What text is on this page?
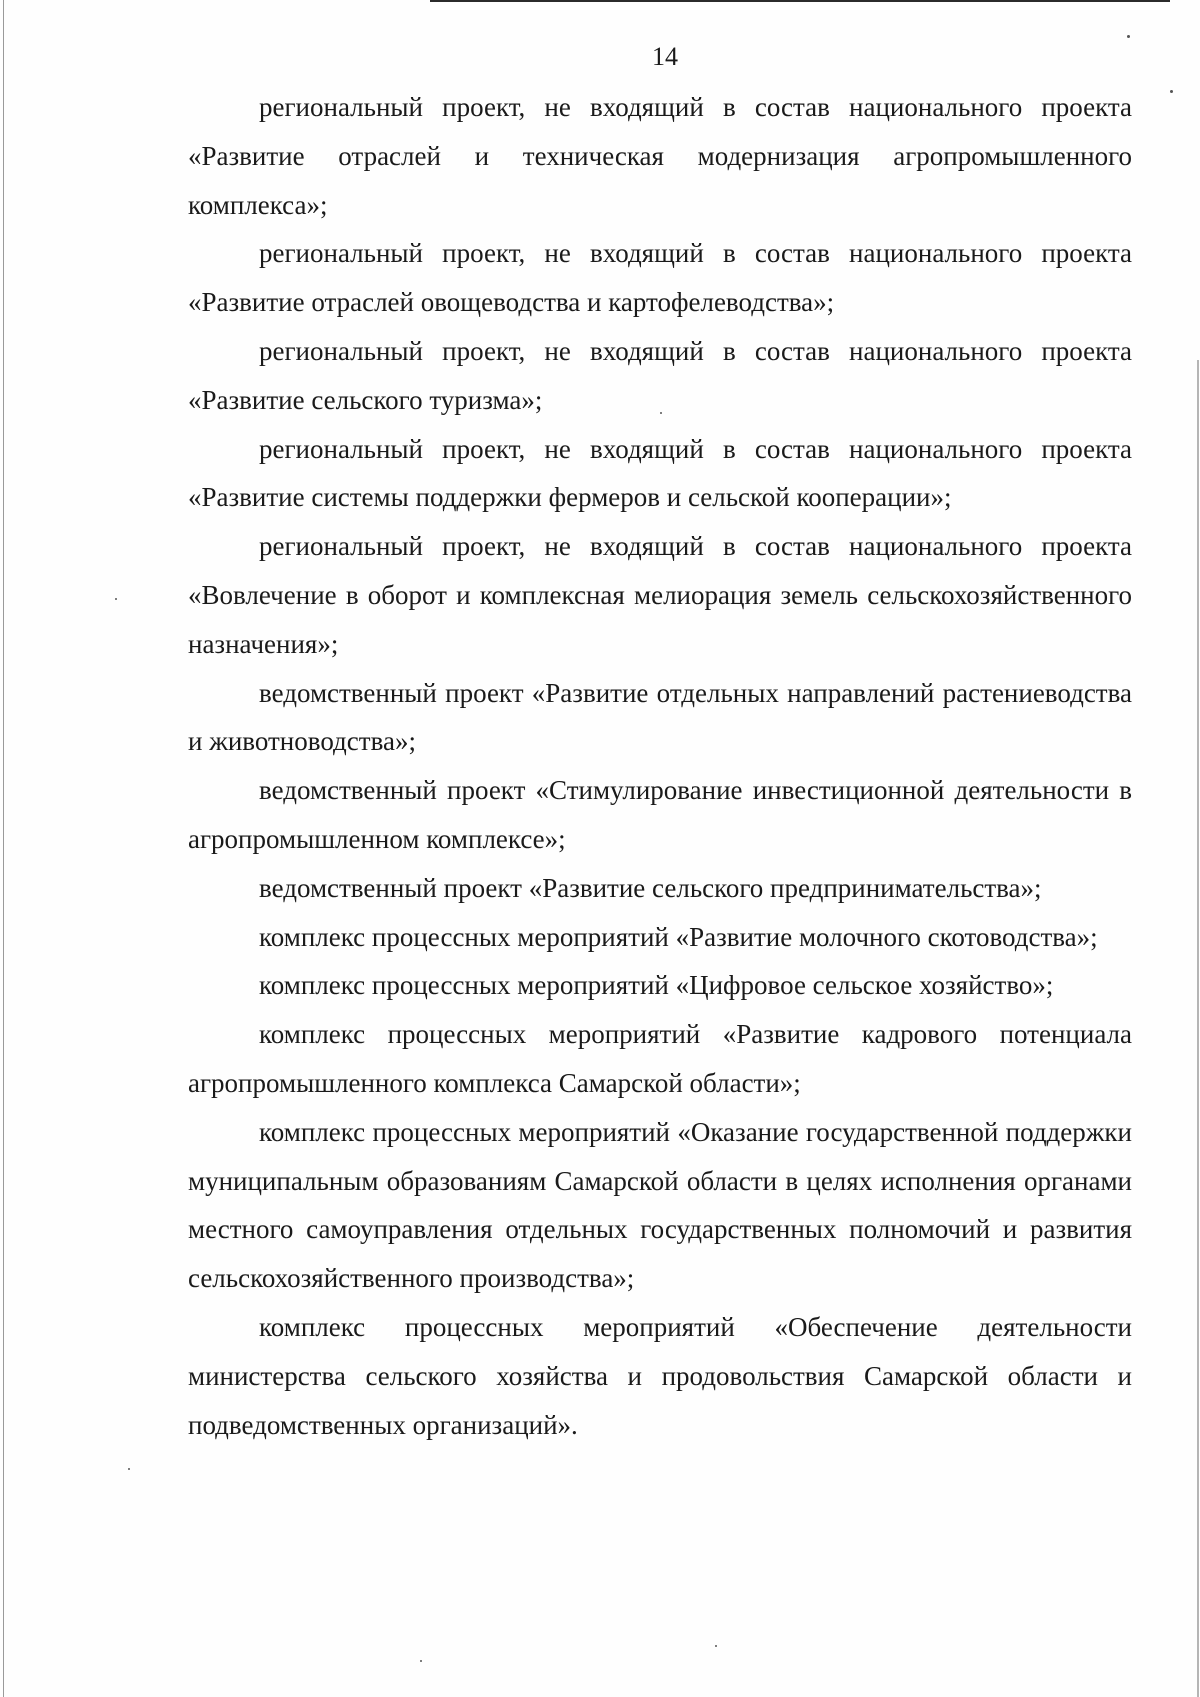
14

региональный проект, не входящий в состав национального проекта «Развитие отраслей и техническая модернизация агропромышленного комплекса»;

региональный проект, не входящий в состав национального проекта «Развитие отраслей овощеводства и картофелеводства»;

региональный проект, не входящий в состав национального проекта «Развитие сельского туризма»;

региональный проект, не входящий в состав национального проекта «Развитие системы поддержки фермеров и сельской кооперации»;

региональный проект, не входящий в состав национального проекта «Вовлечение в оборот и комплексная мелиорация земель сельскохозяйственного назначения»;

ведомственный проект «Развитие отдельных направлений растениеводства и животноводства»;

ведомственный проект «Стимулирование инвестиционной деятельности в агропромышленном комплексе»;

ведомственный проект «Развитие сельского предпринимательства»;

комплекс процессных мероприятий «Развитие молочного скотоводства»;

комплекс процессных мероприятий «Цифровое сельское хозяйство»;

комплекс процессных мероприятий «Развитие кадрового потенциала агропромышленного комплекса Самарской области»;

комплекс процессных мероприятий «Оказание государственной поддержки муниципальным образованиям Самарской области в целях исполнения органами местного самоуправления отдельных государственных полномочий и развития сельскохозяйственного производства»;

комплекс процессных мероприятий «Обеспечение деятельности министерства сельского хозяйства и продовольствия Самарской области и подведомственных организаций».
